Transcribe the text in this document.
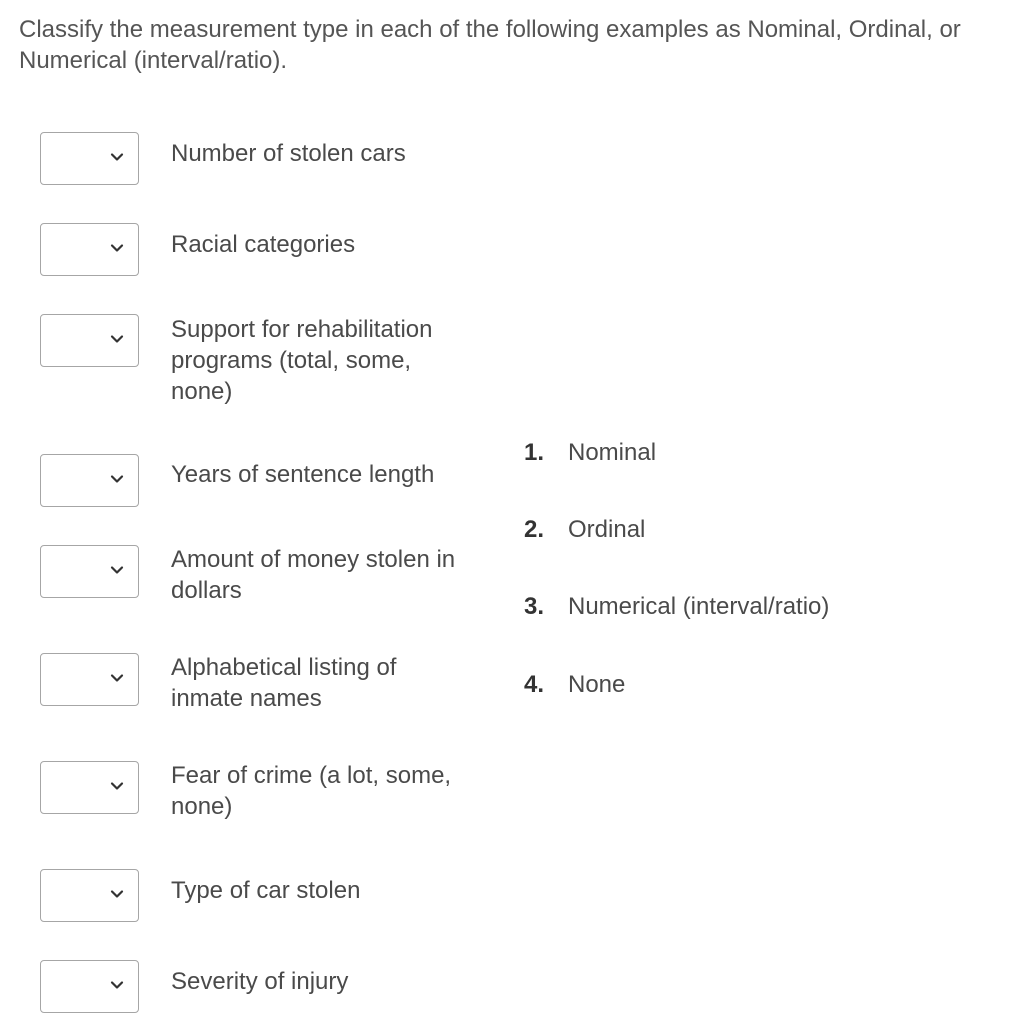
Classify the measurement type in each of the following examples as Nominal, Ordinal, or Numerical (interval/ratio).
Number of stolen cars
Racial categories
Support for rehabilitation programs (total, some, none)
Years of sentence length
Amount of money stolen in dollars
Alphabetical listing of inmate names
Fear of crime (a lot, some, none)
Type of car stolen
Severity of injury
1. Nominal
2. Ordinal
3. Numerical (interval/ratio)
4. None
